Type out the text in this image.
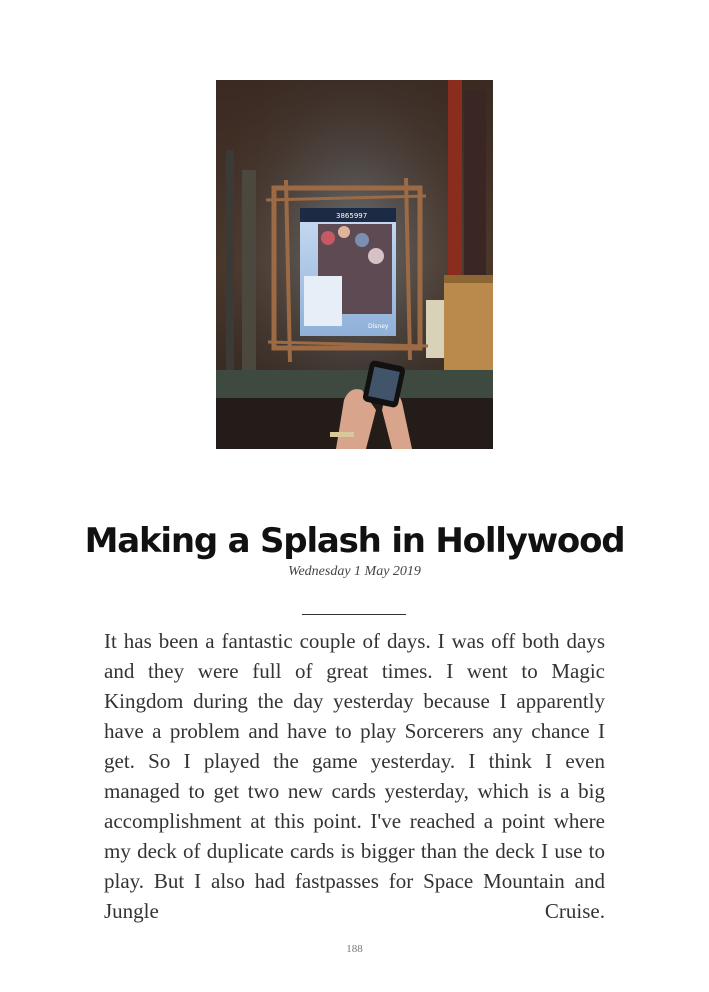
3865997
Disney
Making a Splash in Hollywood
Wednesday 1 May 2019

It has been a fantastic couple of days. I was off both days and they were full of great times. I went to Magic Kingdom during the day yesterday because I apparently have a problem and have to play Sorcerers any chance I get. So I played the game yesterday. I think I even managed to get two new cards yesterday, which is a big accomplishment at this point. I've reached a point where my deck of duplicate cards is bigger than the deck I use to play. But I also had fastpasses for Space Mountain and Jungle Cruise.

188
